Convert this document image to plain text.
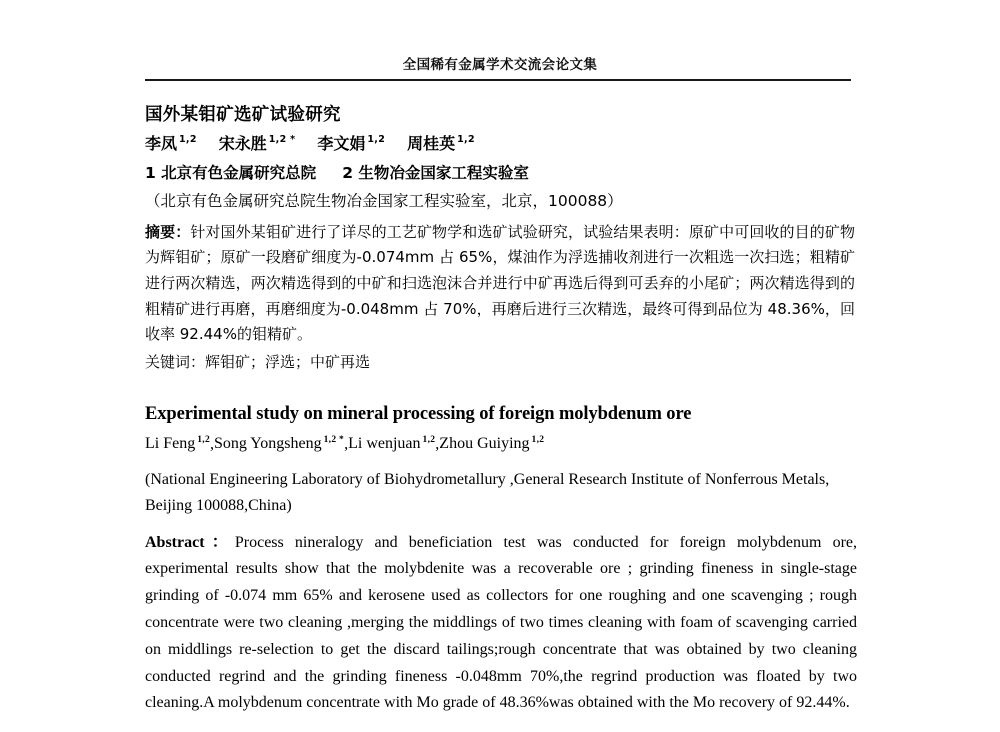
全国稀有金属学术交流会论文集
国外某钼矿选矿试验研究
李凤 $^{1,2}$ 宋永胜 $^{1,2 *}$ 李文娟 $^{1,2}$ 周桂英 $^{1,2}$
1 北京有色金属研究总院 2 生物冶金国家工程实验室
（北京有色金属研究总院生物冶金国家工程实验室，北京，100088）
摘要：针对国外某钼矿进行了详尽的工艺矿物学和选矿试验研究，试验结果表明：原矿中可回收的目的矿物为辉钼矿；原矿一段磨矿细度为-0.074mm 占 65%，煤油作为浮选捕收剂进行一次粗选一次扫选；粗精矿进行两次精选，两次精选得到的中矿和扫选泡沫合并进行中矿再选后得到可丢弃的小尾矿；两次精选得到的粗精矿进行再磨，再磨细度为-0.048mm 占 70%，再磨后进行三次精选，最终可得到品位为 48.36%，回收率 92.44%的钼精矿。
关键词：辉钼矿；浮选；中矿再选
Experimental study on mineral processing of foreign molybdenum ore
Li Feng $^{1,2}$,Song Yongsheng $^{1,2 *}$,Li wenjuan $^{1,2}$,Zhou Guiying $^{1,2}$

(National Engineering Laboratory of Biohydrometallury ,General Research Institute of Nonferrous Metals, Beijing 100088,China)

Abstract：Process nineralogy and beneficiation test was conducted for foreign molybdenum ore, experimental results show that the molybdenite was a recoverable ore ; grinding fineness in single-stage grinding of -0.074 mm 65% and kerosene used as collectors for one roughing and one scavenging ; rough concentrate were two cleaning ,merging the middlings of two times cleaning with foam of scavenging carried on middlings re-selection to get the discard tailings;rough concentrate that was obtained by two cleaning conducted regrind and the grinding fineness -0.048mm 70%,the regrind production was floated by two cleaning.A molybdenum concentrate with Mo grade of 48.36%was obtained with the Mo recovery of 92.44%.
